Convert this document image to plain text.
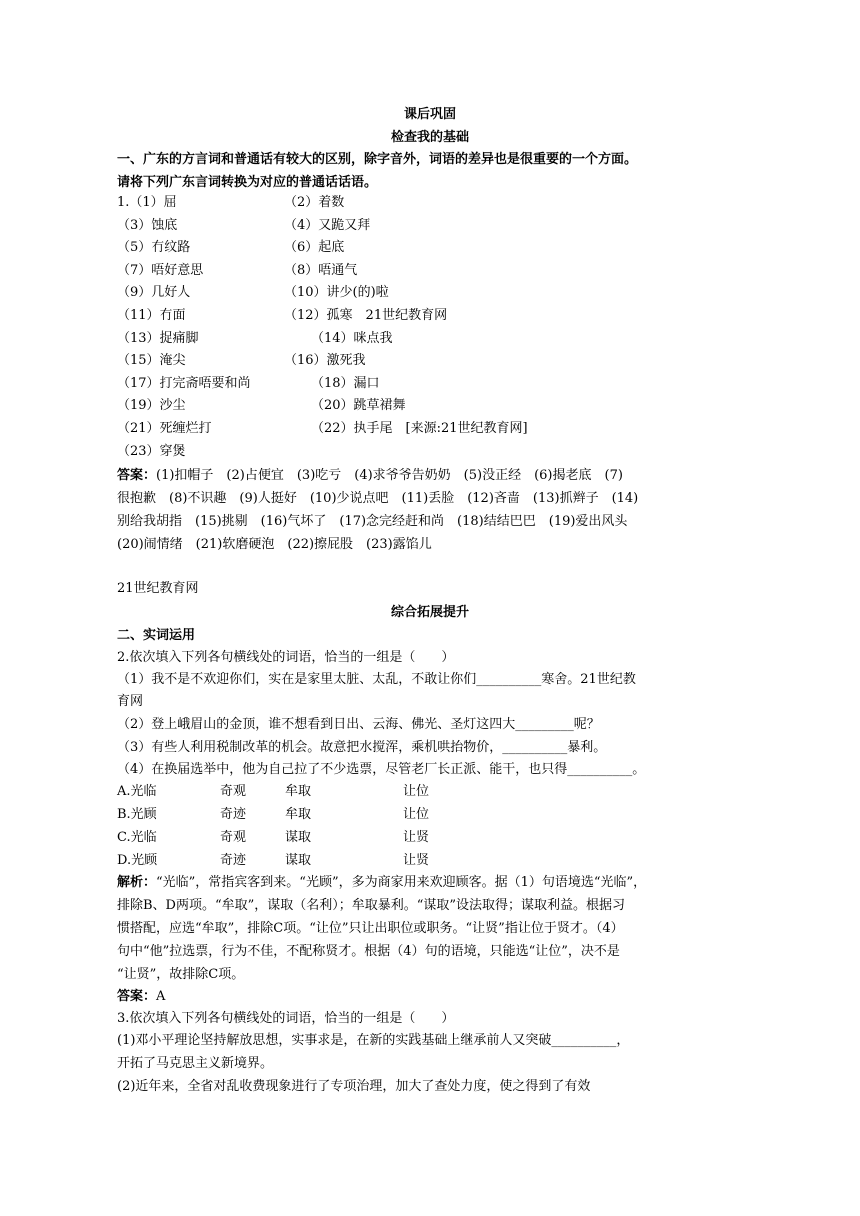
课后巩固
检查我的基础
一、广东的方言词和普通话有较大的区别，除字音外，词语的差异也是很重要的一个方面。
请将下列广东言词转换为对应的普通话话语。
1.（1）屈	（2）着数
（3）蚀底	（4）又跪又拜
（5）冇纹路	（6）起底
（7）唔好意思	（8）唔通气
（9）几好人	（10）讲少(的)啦
（11）冇面	（12）孤寒　21世纪教育网
（13）捉痛脚	（14）咪点我
（15）淹尖	（16）激死我
（17）打完斋唔要和尚	（18）漏口
（19）沙尘	（20）跳草裙舞
（21）死缠烂打	（22）执手尾　[来源:21世纪教育网]
（23）穿煲
答案：(1)扣帽子　(2)占便宜　(3)吃亏　(4)求爷爷告奶奶　(5)没正经　(6)揭老底　(7)
很抱歉　(8)不识趣　(9)人挺好　(10)少说点吧　(11)丢脸　(12)吝啬　(13)抓辫子　(14)
别给我胡指　(15)挑剔　(16)气坏了　(17)念完经赶和尚　(18)结结巴巴　(19)爱出风头
(20)闹情绪　(21)软磨硬泡　(22)擦屁股　(23)露馅儿
21世纪教育网
综合拓展提升
二、实词运用
2.依次填入下列各句横线处的词语，恰当的一组是（　　）
（1）我不是不欢迎你们，实在是家里太脏、太乱，不敢让你们__________寒舍。21世纪教
育网
（2）登上峨眉山的金顶，谁不想看到日出、云海、佛光、圣灯这四大_________呢？
（3）有些人利用税制改革的机会。故意把水搅浑，乘机哄抬物价，__________暴利。
（4）在换届选举中，他为自己拉了不少选票，尽管老厂长正派、能干，也只得__________。
A.光临	奇观	牟取	让位
B.光顾	奇迹	牟取	让位
C.光临	奇观	谋取	让贤
D.光顾	奇迹	谋取	让贤
解析：“光临”，常指宾客到来。“光顾”，多为商家用来欢迎顾客。据（1）句语境选“光临”，
排除B、D两项。“牟取”，谋取（名利）；牟取暴利。“谋取”设法取得；谋取利益。根据习
惯搭配，应选“牟取”，排除C项。“让位”只让出职位或职务。“让贤”指让位于贤才。（4）
句中“他”拉选票，行为不佳，不配称贤才。根据（4）句的语境，只能选“让位”，决不是
“让贤”，故排除C项。
答案：A
3.依次填入下列各句横线处的词语，恰当的一组是（　　）
(1)邓小平理论坚持解放思想，实事求是，在新的实践基础上继承前人又突破__________，
开拓了马克思主义新境界。
(2)近年来，全省对乱收费现象进行了专项治理，加大了查处力度，使之得到了有效
